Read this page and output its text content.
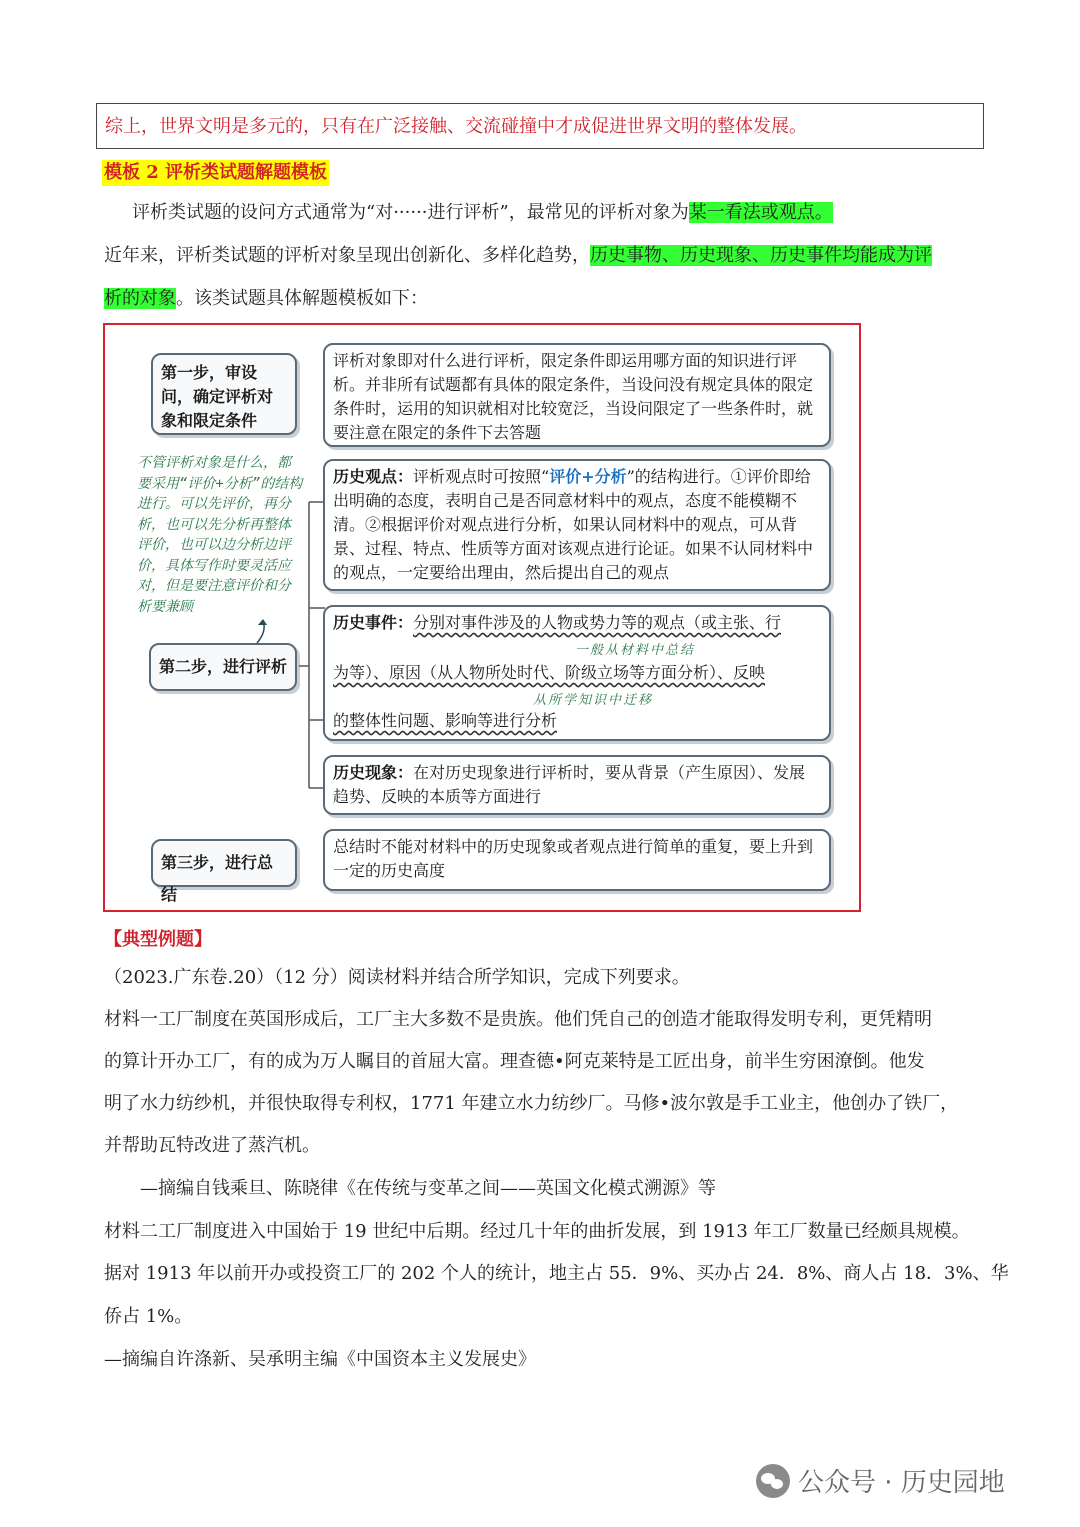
综上，世界文明是多元的，只有在广泛接触、交流碰撞中才成促进世界文明的整体发展。
模板 2 评析类试题解题模板
评析类试题的设问方式通常为“对······进行评析”，最常见的评析对象为某一看法或观点。
近年来，评析类试题的评析对象呈现出创新化、多样化趋势，历史事物、历史现象、历史事件均能成为评
析的对象。该类试题具体解题模板如下：
第一步，审设问，确定评析对象和限定条件
评析对象即对什么进行评析，限定条件即运用哪方面的知识进行评析。并非所有试题都有具体的限定条件，当设问没有规定具体的限定条件时，运用的知识就相对比较宽泛，当设问限定了一些条件时，就要注意在限定的条件下去答题
不管评析对象是什么，都要采用“评价+分析”的结构进行。可以先评价，再分析，也可以先分析再整体评价，也可以边分析边评价，具体写作时要灵活应对，但是要注意评价和分析要兼顾
第二步，进行评析
历史观点：评析观点时可按照“评价+分析”的结构进行。①评价即给出明确的态度，表明自己是否同意材料中的观点，态度不能模糊不清。②根据评价对观点进行分析，如果认同材料中的观点，可从背景、过程、特点、性质等方面对该观点进行论证。如果不认同材料中的观点，一定要给出理由，然后提出自己的观点
历史事件：分别对事件涉及的人物或势力等的观点（或主张、行
一般从材料中总结
为等）、原因（从人物所处时代、阶级立场等方面分析）、反映
从所学知识中迁移
的整体性问题、影响等进行分析
历史现象：在对历史现象进行评析时，要从背景（产生原因）、发展趋势、反映的本质等方面进行
第三步，进行总结
总结时不能对材料中的历史现象或者观点进行简单的重复，要上升到一定的历史高度
【典型例题】
（2023.广东卷.20）（12 分）阅读材料并结合所学知识，完成下列要求。
材料一工厂制度在英国形成后，工厂主大多数不是贵族。他们凭自己的创造才能取得发明专利，更凭精明
的算计开办工厂，有的成为万人瞩目的首屈大富。理查德•阿克莱特是工匠出身，前半生穷困潦倒。他发
明了水力纺纱机，并很快取得专利权，1771 年建立水力纺纱厂。马修•波尔敦是手工业主，他创办了铁厂，
并帮助瓦特改进了蒸汽机。
—摘编自钱乘旦、陈晓律《在传统与变革之间——英国文化模式溯源》等
材料二工厂制度进入中国始于 19 世纪中后期。经过几十年的曲折发展，到 1913 年工厂数量已经颇具规模。
据对 1913 年以前开办或投资工厂的 202 个人的统计，地主占 55．9%、买办占 24．8%、商人占 18．3%、华
侨占 1%。
—摘编自许涤新、吴承明主编《中国资本主义发展史》
公众号 · 历史园地
